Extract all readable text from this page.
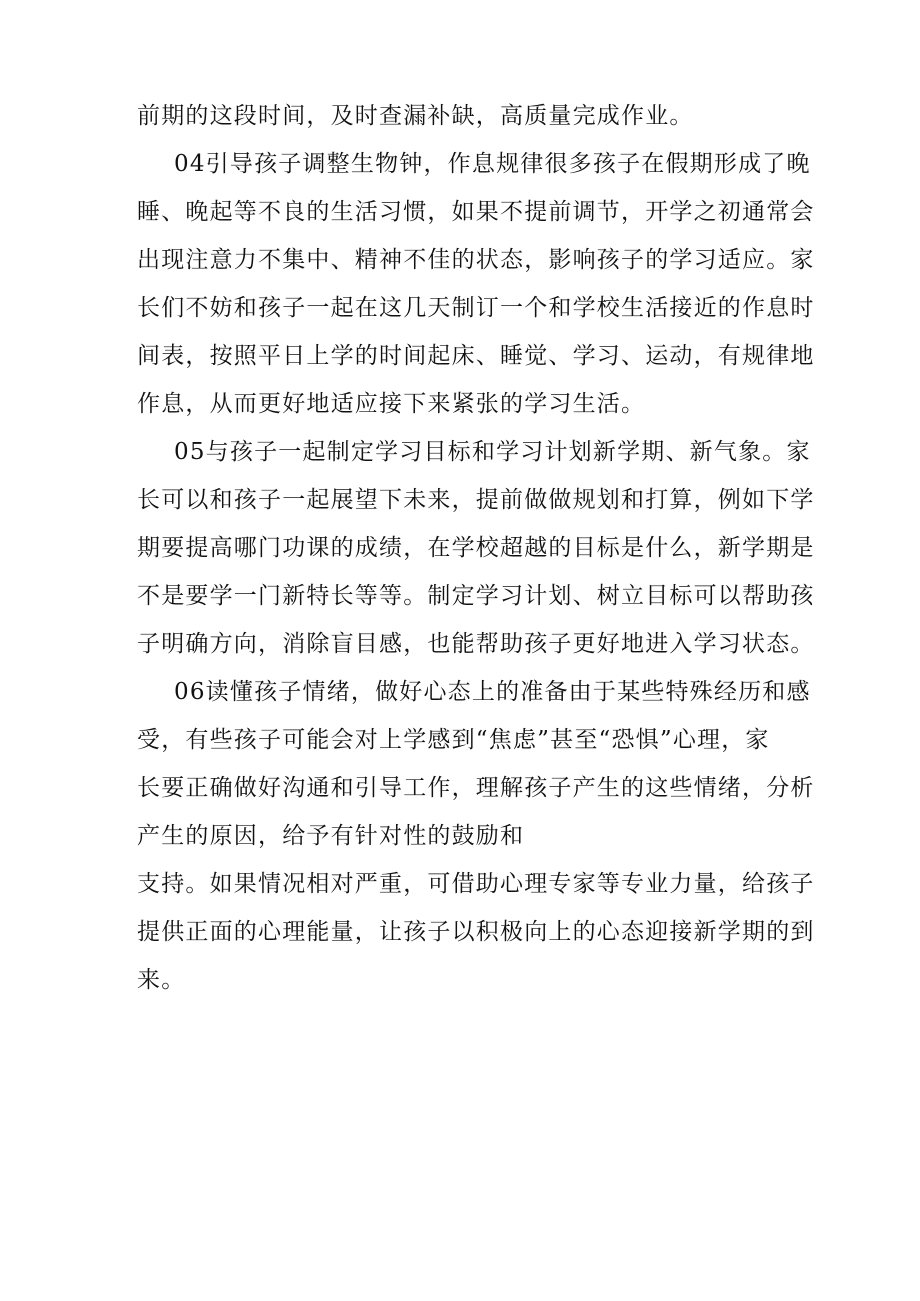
前期的这段时间，及时查漏补缺，高质量完成作业。
04引导孩子调整生物钟，作息规律很多孩子在假期形成了晚
睡、晚起等不良的生活习惯，如果不提前调节，开学之初通常会
出现注意力不集中、精神不佳的状态，影响孩子的学习适应。家
长们不妨和孩子一起在这几天制订一个和学校生活接近的作息时
间表，按照平日上学的时间起床、睡觉、学习、运动，有规律地
作息，从而更好地适应接下来紧张的学习生活。
05与孩子一起制定学习目标和学习计划新学期、新气象。家
长可以和孩子一起展望下未来，提前做做规划和打算，例如下学
期要提高哪门功课的成绩，在学校超越的目标是什么，新学期是
不是要学一门新特长等等。制定学习计划、树立目标可以帮助孩
子明确方向，消除盲目感，也能帮助孩子更好地进入学习状态。
06读懂孩子情绪，做好心态上的准备由于某些特殊经历和感
受，有些孩子可能会对上学感到“焦虑”甚至“恐惧”心理，家
长要正确做好沟通和引导工作，理解孩子产生的这些情绪，分析
产生的原因，给予有针对性的鼓励和
支持。如果情况相对严重，可借助心理专家等专业力量，给孩子
提供正面的心理能量，让孩子以积极向上的心态迎接新学期的到
来。
